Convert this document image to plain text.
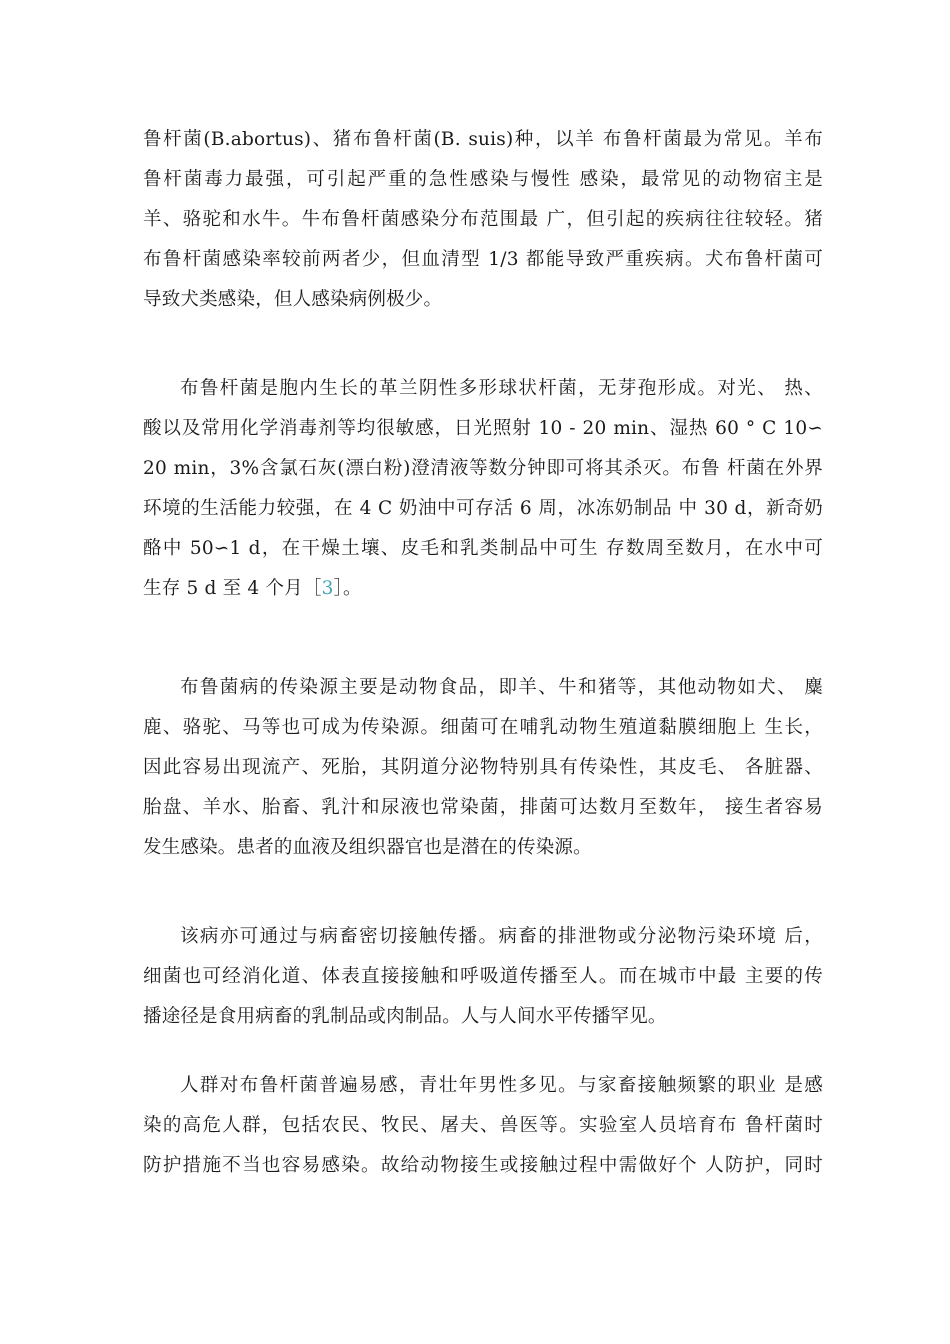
鲁杆菌(B.abortus)、猪布鲁杆菌(B. suis)种，以羊 布鲁杆菌最为常见。羊布
鲁杆菌毒力最强，可引起严重的急性感染与慢性 感染，最常见的动物宿主是
羊、骆驼和水牛。牛布鲁杆菌感染分布范围最 广，但引起的疾病往往较轻。猪
布鲁杆菌感染率较前两者少，但血清型 1/3 都能导致严重疾病。犬布鲁杆菌可
导致犬类感染，但人感染病例极少。
布鲁杆菌是胞内生长的革兰阴性多形球状杆菌，无芽孢形成。对光、 热、
酸以及常用化学消毒剂等均很敏感，日光照射 10 - 20 min、湿热 60 ° C 10∽
20 min，3%含氯石灰(漂白粉)澄清液等数分钟即可将其杀灭。布鲁 杆菌在外界
环境的生活能力较强，在 4 C 奶油中可存活 6 周，冰冻奶制品 中 30 d，新奇奶
酪中 50∽1 d，在干燥土壤、皮毛和乳类制品中可生 存数周至数月，在水中可
生存 5 d 至 4 个月［3］。
布鲁菌病的传染源主要是动物食品，即羊、牛和猪等，其他动物如犬、 麋
鹿、骆驼、马等也可成为传染源。细菌可在哺乳动物生殖道黏膜细胞上 生长，
因此容易出现流产、死胎，其阴道分泌物特别具有传染性，其皮毛、 各脏器、
胎盘、羊水、胎畜、乳汁和尿液也常染菌，排菌可达数月至数年， 接生者容易
发生感染。患者的血液及组织器官也是潜在的传染源。
该病亦可通过与病畜密切接触传播。病畜的排泄物或分泌物污染环境 后，
细菌也可经消化道、体表直接接触和呼吸道传播至人。而在城市中最 主要的传
播途径是食用病畜的乳制品或肉制品。人与人间水平传播罕见。
人群对布鲁杆菌普遍易感，青壮年男性多见。与家畜接触频繁的职业 是感
染的高危人群，包括农民、牧民、屠夫、兽医等。实验室人员培育布 鲁杆菌时
防护措施不当也容易感染。故给动物接生或接触过程中需做好个 人防护，同时
